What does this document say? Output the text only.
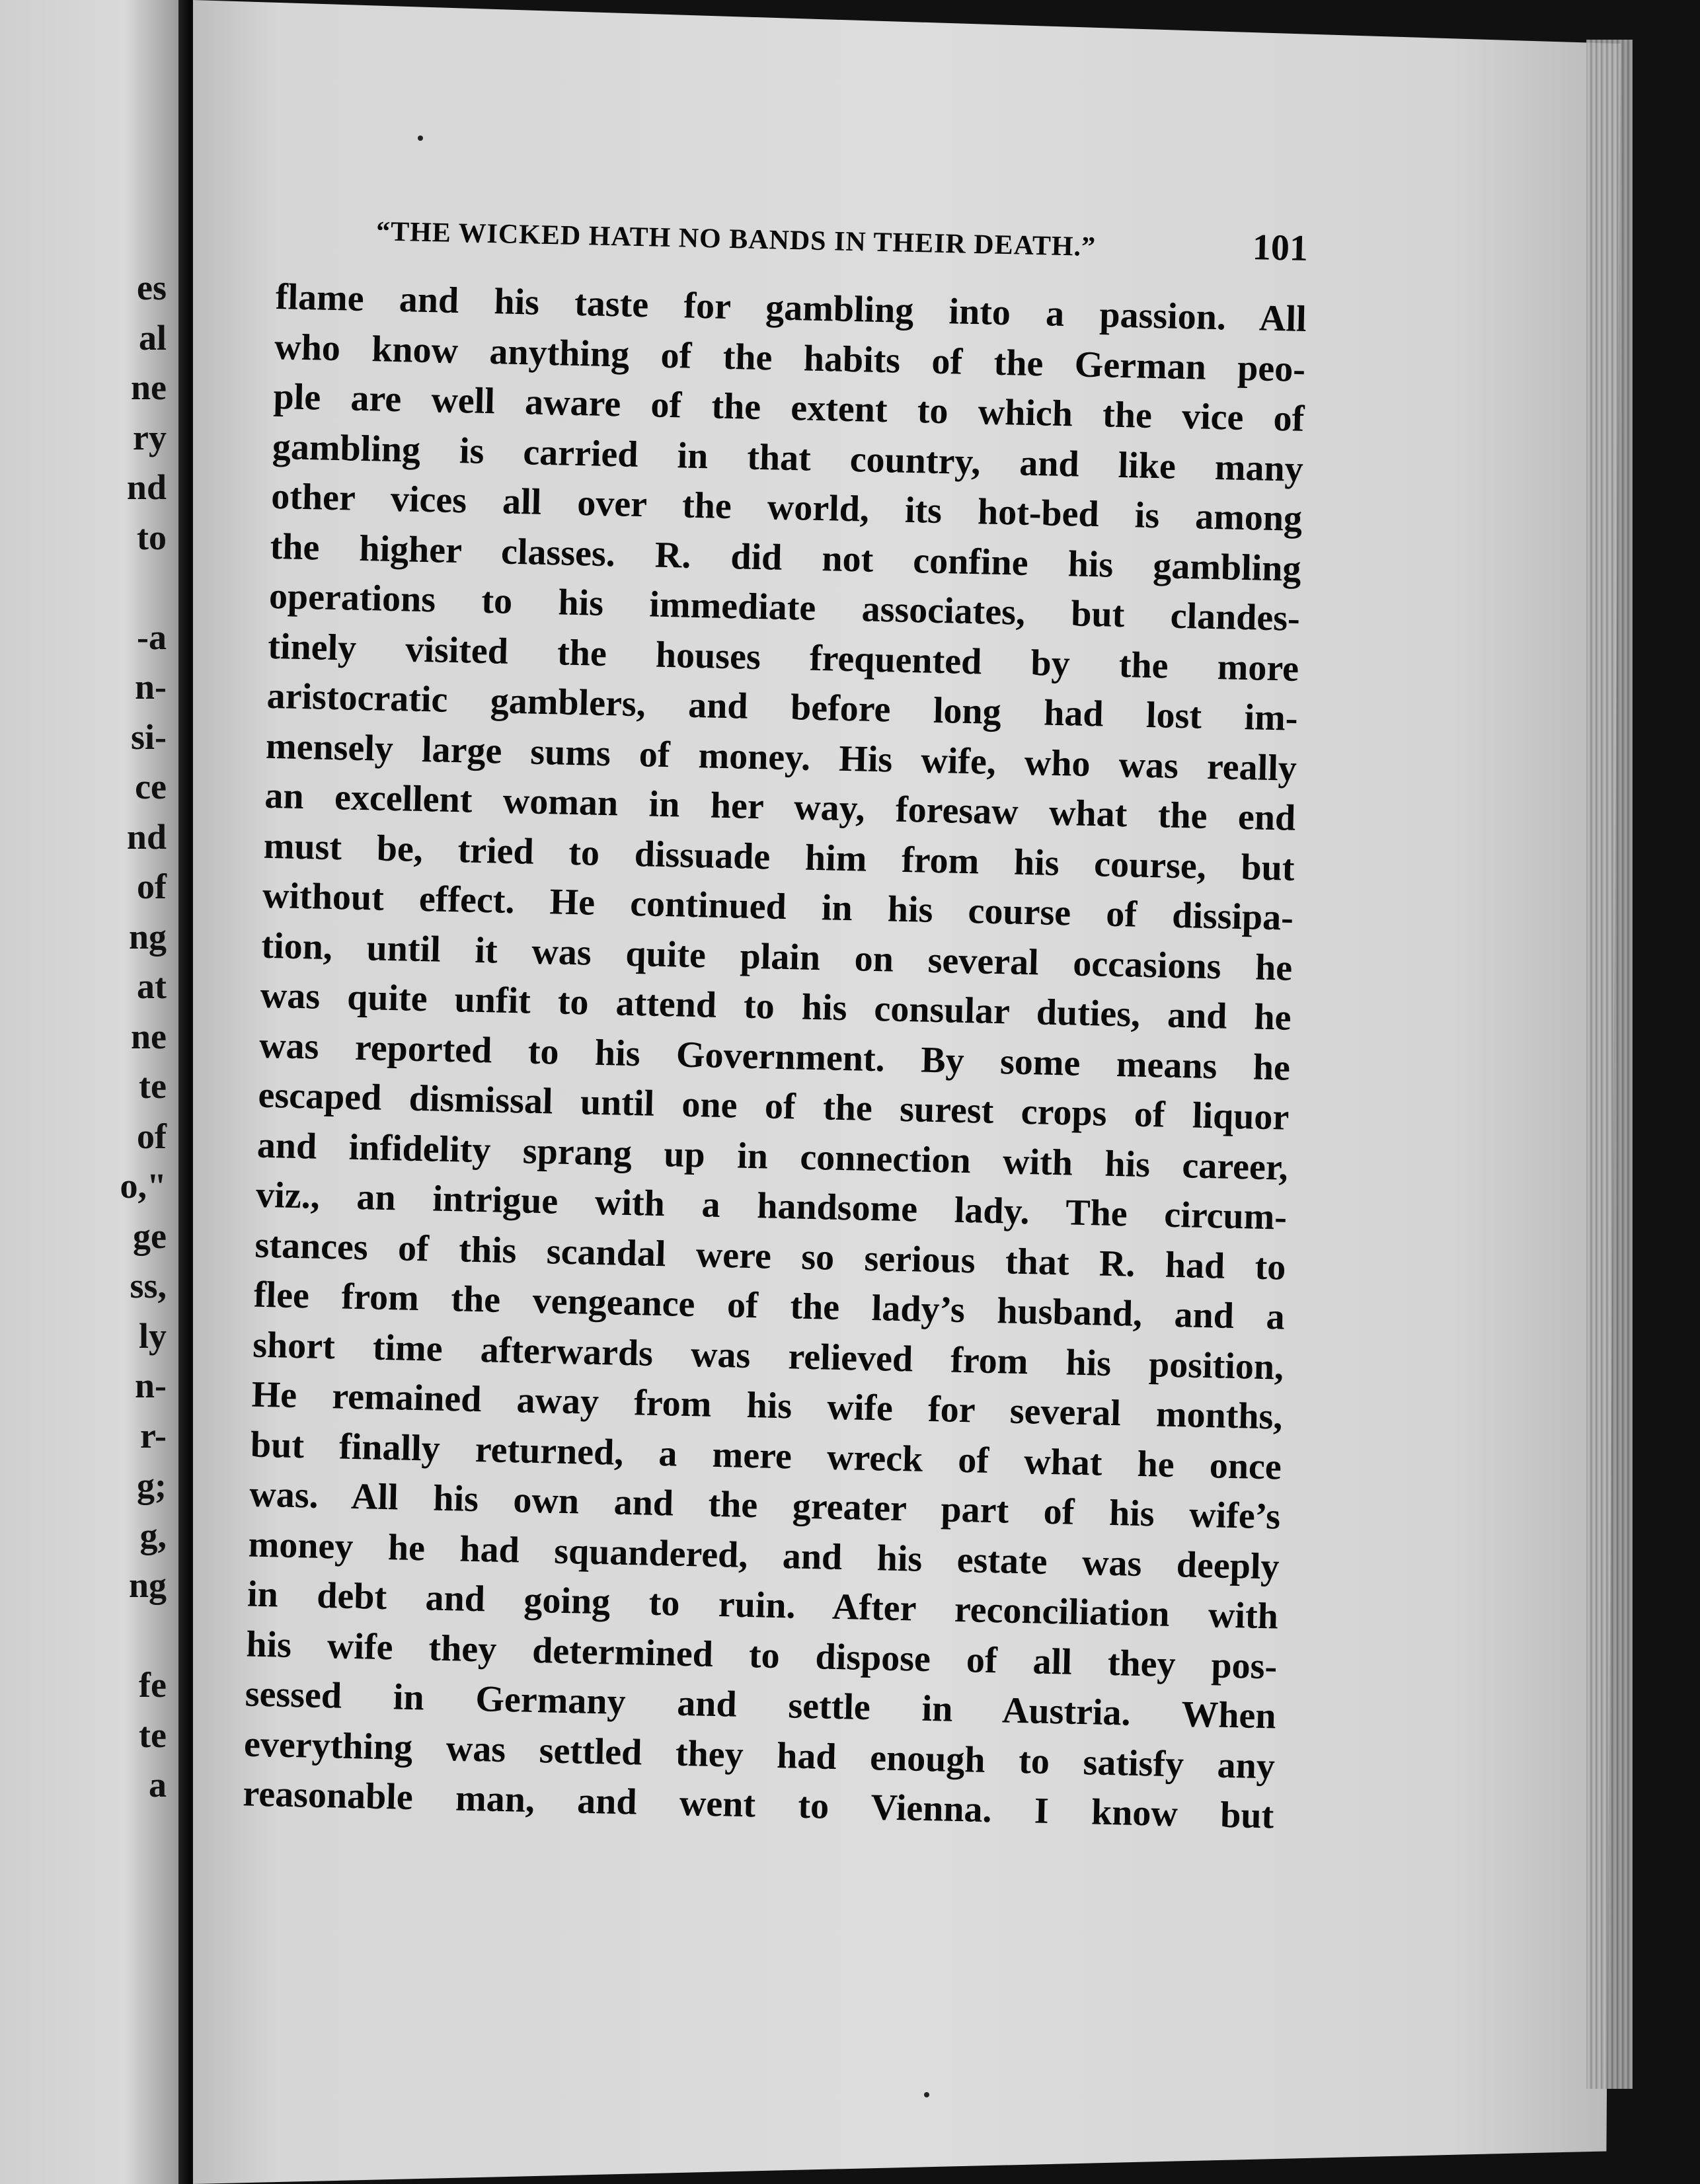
es
al
ne
ry
nd
to
-a
n-
si-
ce
nd
of
ng
at
ne
te
of
o,"
ge
ss,
ly
n-
r-
g;
g,
ng
fe
te
a
“THE WICKED HATH NO BANDS IN THEIR DEATH.”	101
flame and his taste for gambling into a passion. All
who know anything of the habits of the German peo-
ple are well aware of the extent to which the vice of
gambling is carried in that country, and like many
other vices all over the world, its hot-bed is among
the higher classes. R. did not confine his gambling
operations to his immediate associates, but clandes-
tinely visited the houses frequented by the more
aristocratic gamblers, and before long had lost im-
mensely large sums of money. His wife, who was really
an excellent woman in her way, foresaw what the end
must be, tried to dissuade him from his course, but
without effect. He continued in his course of dissipa-
tion, until it was quite plain on several occasions he
was quite unfit to attend to his consular duties, and he
was reported to his Government. By some means he
escaped dismissal until one of the surest crops of liquor
and infidelity sprang up in connection with his career,
viz., an intrigue with a handsome lady. The circum-
stances of this scandal were so serious that R. had to
flee from the vengeance of the lady’s husband, and a
short time afterwards was relieved from his position,
He remained away from his wife for several months,
but finally returned, a mere wreck of what he once
was. All his own and the greater part of his wife’s
money he had squandered, and his estate was deeply
in debt and going to ruin. After reconciliation with
his wife they determined to dispose of all they pos-
sessed in Germany and settle in Austria. When
everything was settled they had enough to satisfy any
reasonable man, and went to Vienna. I know but
